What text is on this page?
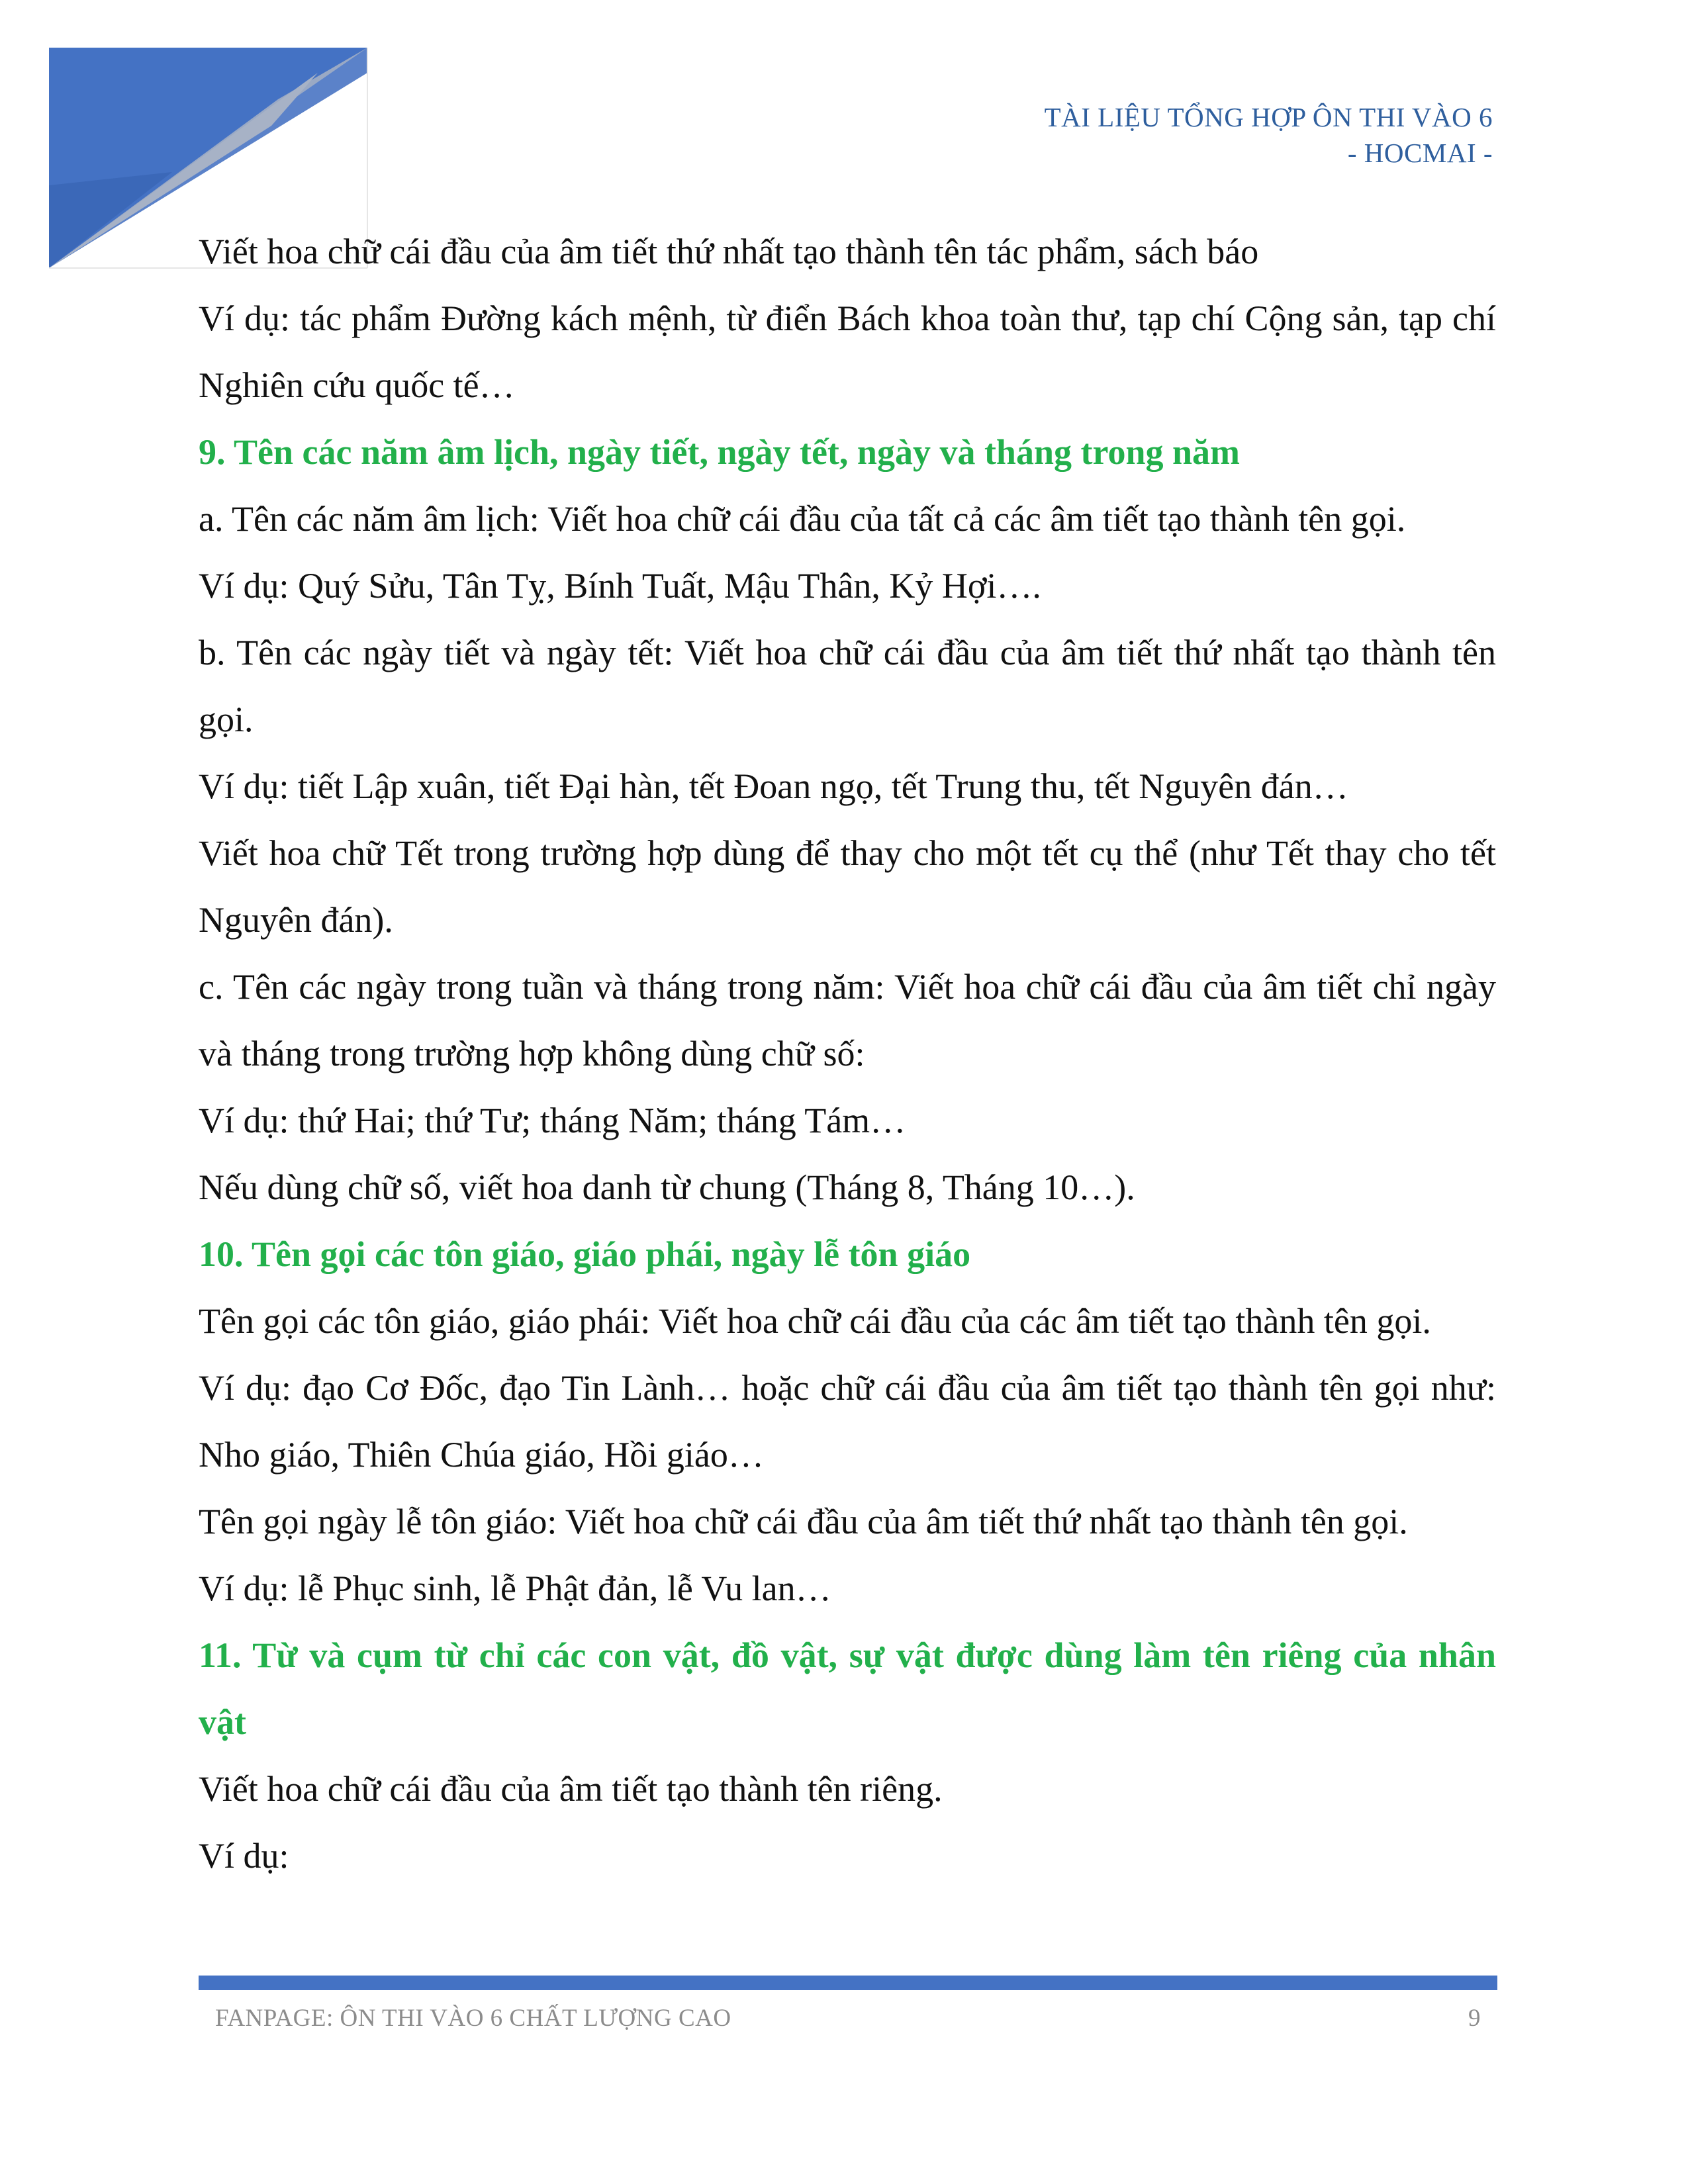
TÀI LIỆU TỔNG HỢP ÔN THI VÀO 6
- HOCMAI -

Viết hoa chữ cái đầu của âm tiết thứ nhất tạo thành tên tác phẩm, sách báo

Ví dụ: tác phẩm Đường kách mệnh, từ điển Bách khoa toàn thư, tạp chí Cộng sản, tạp chí Nghiên cứu quốc tế…

9. Tên các năm âm lịch, ngày tiết, ngày tết, ngày và tháng trong năm

a. Tên các năm âm lịch: Viết hoa chữ cái đầu của tất cả các âm tiết tạo thành tên gọi.

Ví dụ: Quý Sửu, Tân Tỵ, Bính Tuất, Mậu Thân, Kỷ Hợi….

b. Tên các ngày tiết và ngày tết: Viết hoa chữ cái đầu của âm tiết thứ nhất tạo thành tên gọi.

Ví dụ: tiết Lập xuân, tiết Đại hàn, tết Đoan ngọ, tết Trung thu, tết Nguyên đán…

Viết hoa chữ Tết trong trường hợp dùng để thay cho một tết cụ thể (như Tết thay cho tết Nguyên đán).

c. Tên các ngày trong tuần và tháng trong năm: Viết hoa chữ cái đầu của âm tiết chỉ ngày và tháng trong trường hợp không dùng chữ số:

Ví dụ: thứ Hai; thứ Tư; tháng Năm; tháng Tám…

Nếu dùng chữ số, viết hoa danh từ chung (Tháng 8, Tháng 10…).

10. Tên gọi các tôn giáo, giáo phái, ngày lễ tôn giáo

Tên gọi các tôn giáo, giáo phái: Viết hoa chữ cái đầu của các âm tiết tạo thành tên gọi.

Ví dụ: đạo Cơ Đốc, đạo Tin Lành… hoặc chữ cái đầu của âm tiết tạo thành tên gọi như: Nho giáo, Thiên Chúa giáo, Hồi giáo…

Tên gọi ngày lễ tôn giáo: Viết hoa chữ cái đầu của âm tiết thứ nhất tạo thành tên gọi.

Ví dụ: lễ Phục sinh, lễ Phật đản, lễ Vu lan…

11. Từ và cụm từ chỉ các con vật, đồ vật, sự vật được dùng làm tên riêng của nhân vật

Viết hoa chữ cái đầu của âm tiết tạo thành tên riêng.

Ví dụ:

FANPAGE: ÔN THI VÀO 6 CHẤT LƯỢNG CAO	9
